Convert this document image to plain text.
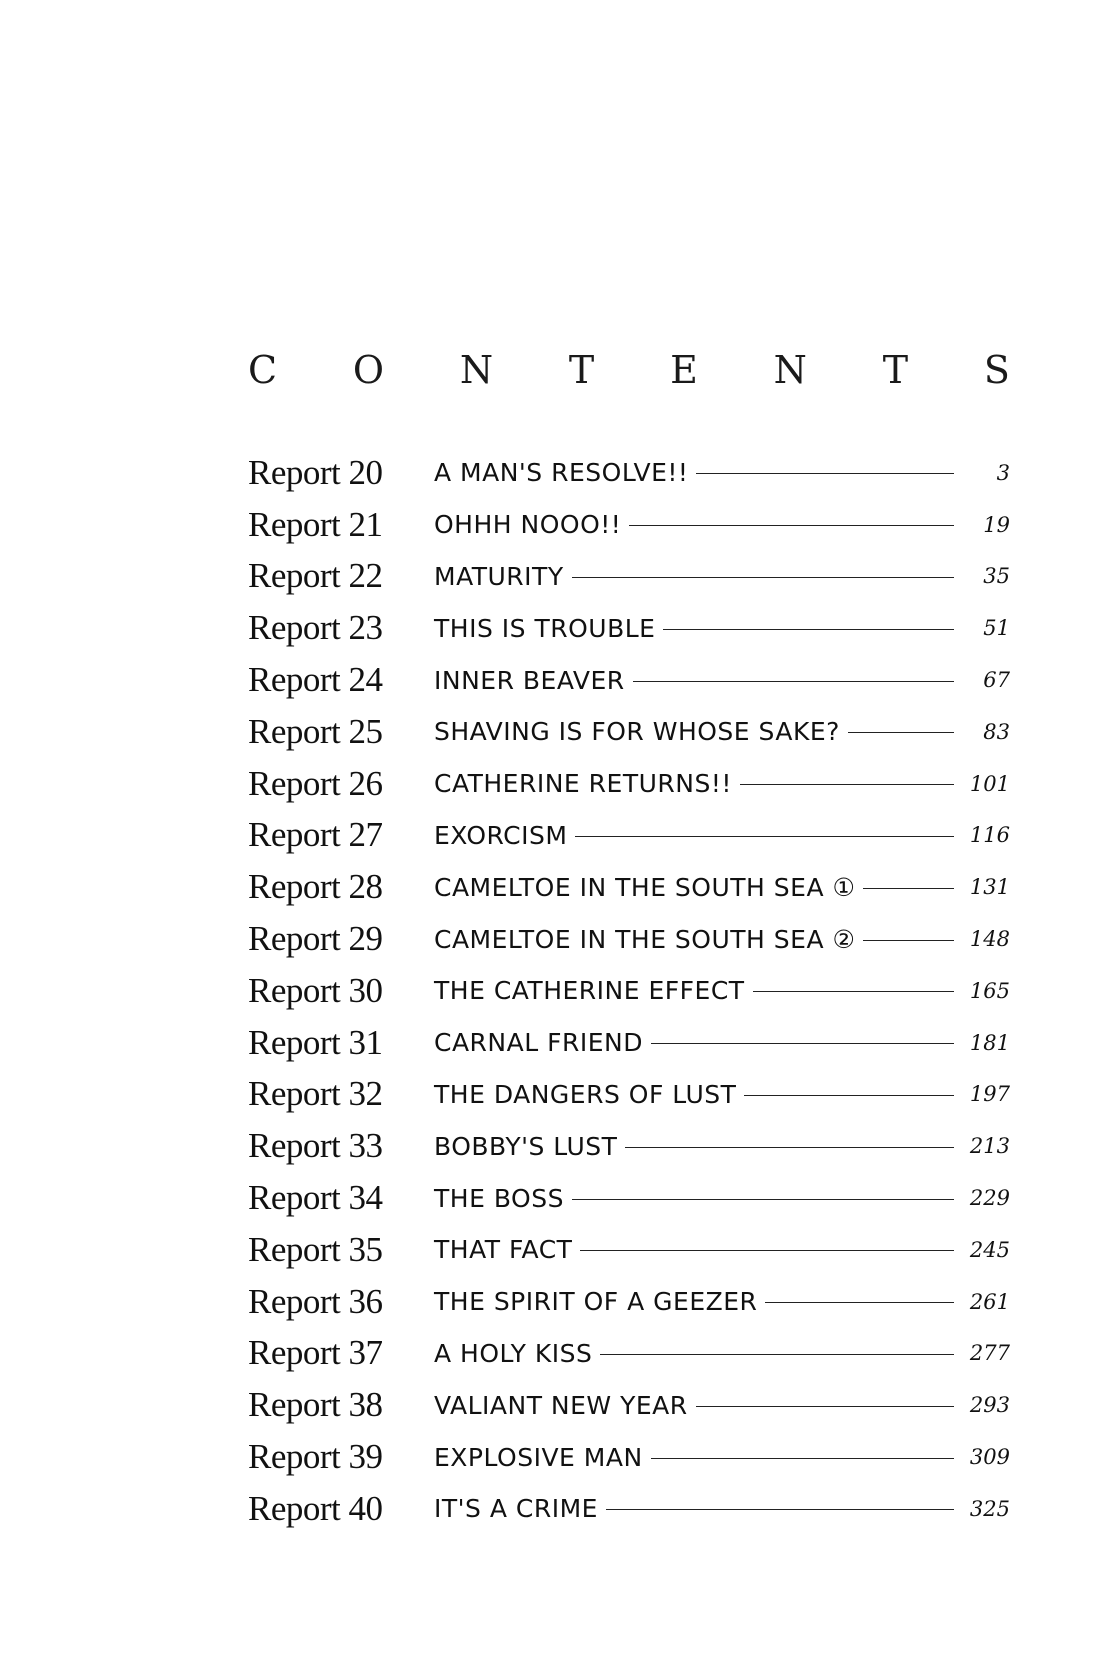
C O N T E N T S
Report 20	A MAN'S RESOLVE!!	3
Report 21	OHHH NOOO!!	19
Report 22	MATURITY	35
Report 23	THIS IS TROUBLE	51
Report 24	INNER BEAVER	67
Report 25	SHAVING IS FOR WHOSE SAKE?	83
Report 26	CATHERINE RETURNS!!	101
Report 27	EXORCISM	116
Report 28	CAMELTOE IN THE SOUTH SEA ①	131
Report 29	CAMELTOE IN THE SOUTH SEA ②	148
Report 30	THE CATHERINE EFFECT	165
Report 31	CARNAL FRIEND	181
Report 32	THE DANGERS OF LUST	197
Report 33	BOBBY'S LUST	213
Report 34	THE BOSS	229
Report 35	THAT FACT	245
Report 36	THE SPIRIT OF A GEEZER	261
Report 37	A HOLY KISS	277
Report 38	VALIANT NEW YEAR	293
Report 39	EXPLOSIVE MAN	309
Report 40	IT'S A CRIME	325
